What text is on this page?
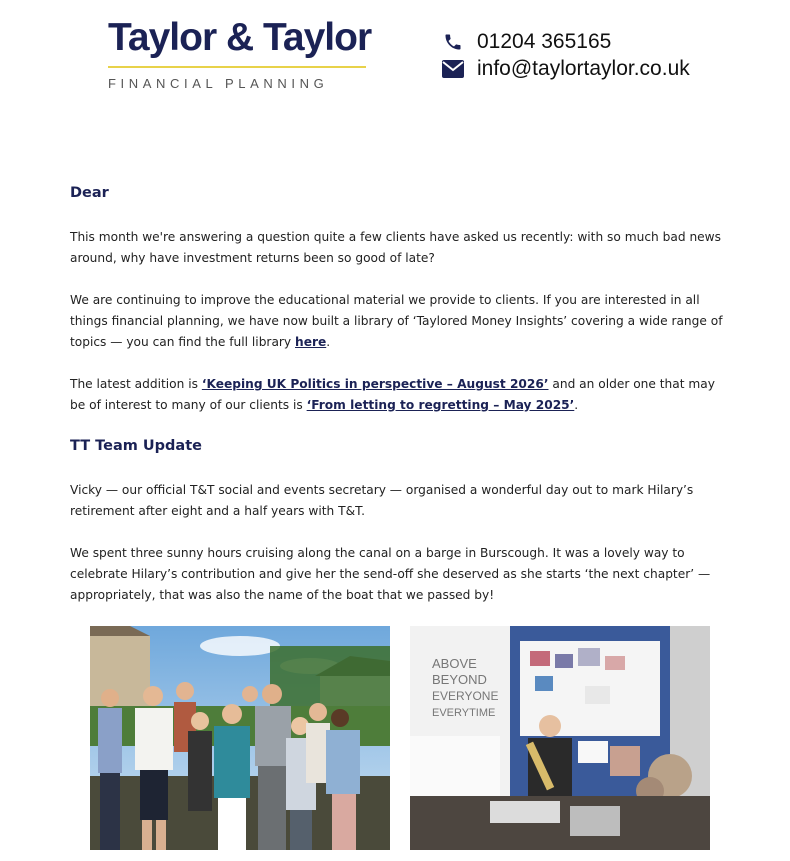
Taylor & Taylor
FINANCIAL PLANNING
01204 365165
info@taylortaylor.co.uk
Dear
This month we're answering a question quite a few clients have asked us recently: with so much bad news around, why have investment returns been so good of late?
We are continuing to improve the educational material we provide to clients. If you are interested in all things financial planning, we have now built a library of ‘Taylored Money Insights’ covering a wide range of topics — you can find the full library here.
The latest addition is ‘Keeping UK Politics in perspective – August 2026’ and an older one that may be of interest to many of our clients is ‘From letting to regretting – May 2025’.
TT Team Update
Vicky — our official T&T social and events secretary — organised a wonderful day out to mark Hilary’s retirement after eight and a half years with T&T.
We spent three sunny hours cruising along the canal on a barge in Burscough. It was a lovely way to celebrate Hilary’s contribution and give her the send-off she deserved as she starts ‘the next chapter’ — appropriately, that was also the name of the boat that we passed by!
ABOVE
BEYOND
EVERYONE
EVERYTIME
